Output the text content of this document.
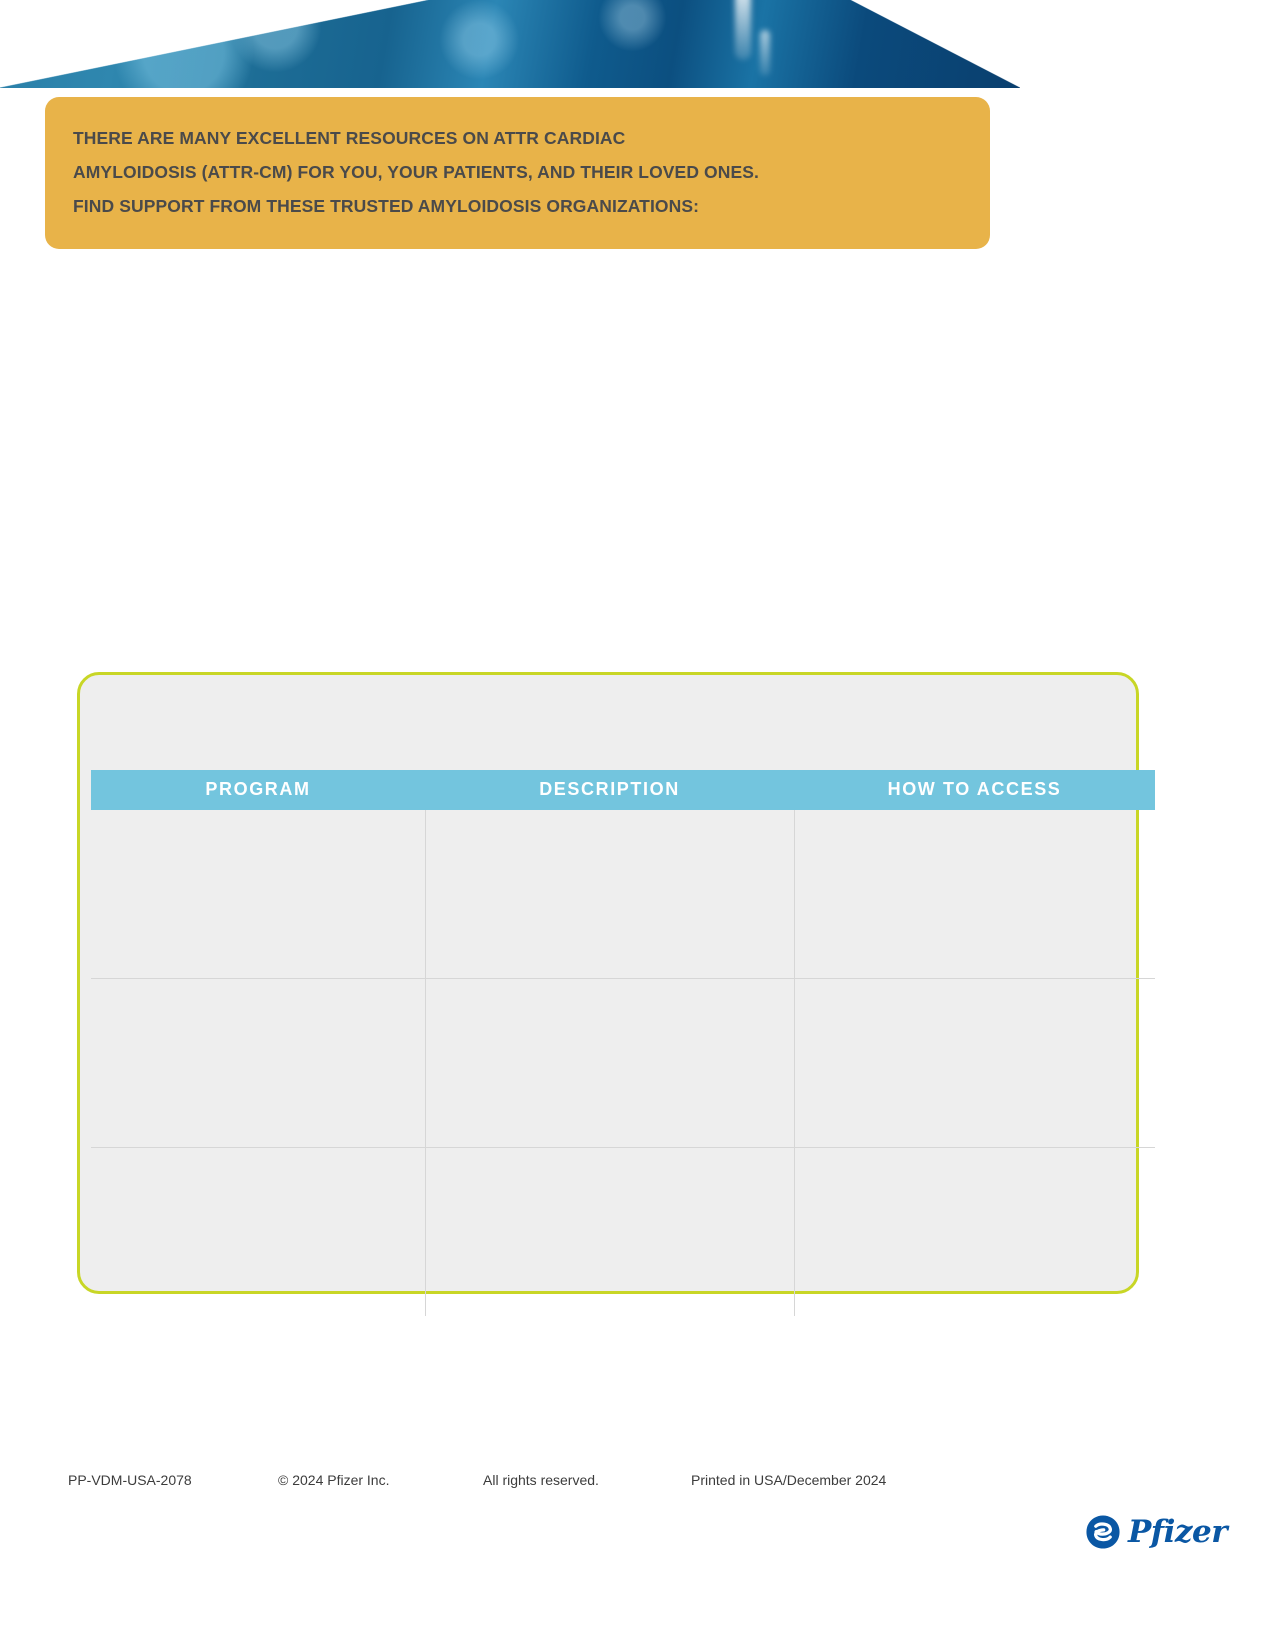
THERE ARE MANY EXCELLENT RESOURCES ON ATTR CARDIAC
AMYLOIDOSIS (ATTR-CM) FOR YOU, YOUR PATIENTS, AND THEIR LOVED ONES.
FIND SUPPORT FROM THESE TRUSTED AMYLOIDOSIS ORGANIZATIONS:
PROGRAM	DESCRIPTION	HOW TO ACCESS

PP-VDM-USA-2078	© 2024 Pfizer Inc.	All rights reserved.	Printed in USA/December 2024
Pfizer
